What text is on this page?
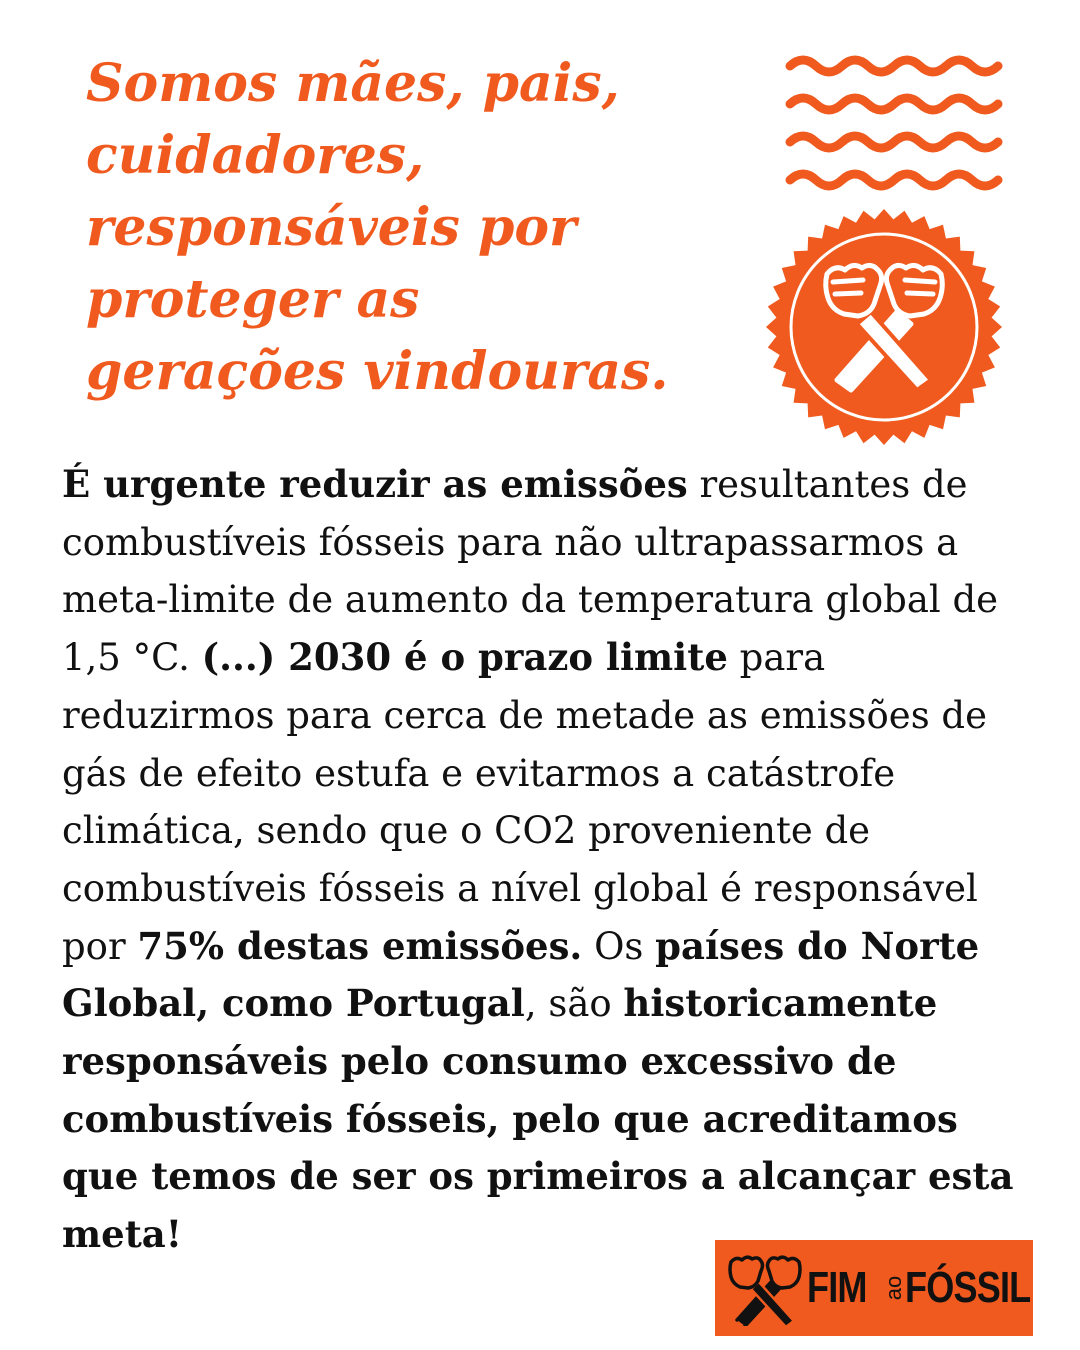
Somos mães, pais,
cuidadores,
responsáveis por
proteger as
gerações vindouras.

É urgente reduzir as emissões resultantes de combustíveis fósseis para não ultrapassarmos a meta-limite de aumento da temperatura global de 1,5 °C. (...) 2030 é o prazo limite para reduzirmos para cerca de metade as emissões de gás de efeito estufa e evitarmos a catástrofe climática, sendo que o CO2 proveniente de combustíveis fósseis a nível global é responsável por 75% destas emissões. Os países do Norte Global, como Portugal, são historicamente responsáveis pelo consumo excessivo de combustíveis fósseis, pelo que acreditamos que temos de ser os primeiros a alcançar esta meta!

FIM ao FÓSSIL
